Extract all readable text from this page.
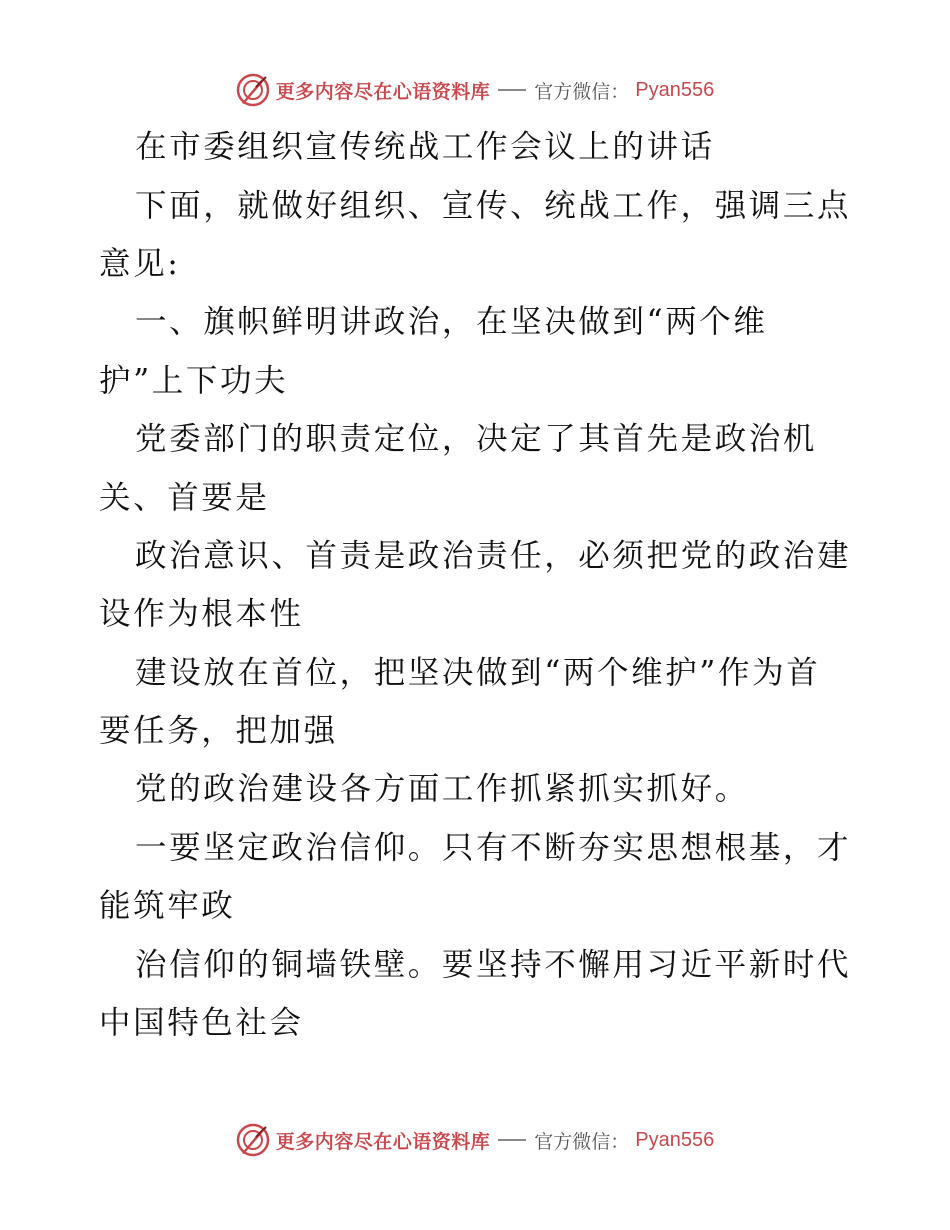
更多内容尽在心语资料库 官方微信： Pyan556
在市委组织宣传统战工作会议上的讲话
下面，就做好组织、宣传、统战工作，强调三点
意见:
一、旗帜鲜明讲政治，在坚决做到“两个维
护”上下功夫
党委部门的职责定位，决定了其首先是政治机
关、首要是
政治意识、首责是政治责任，必须把党的政治建
设作为根本性
建设放在首位，把坚决做到“两个维护”作为首
要任务，把加强
党的政治建设各方面工作抓紧抓实抓好。
一要坚定政治信仰。只有不断夯实思想根基，才
能筑牢政
治信仰的铜墙铁壁。要坚持不懈用习近平新时代
中国特色社会
更多内容尽在心语资料库 官方微信： Pyan556
